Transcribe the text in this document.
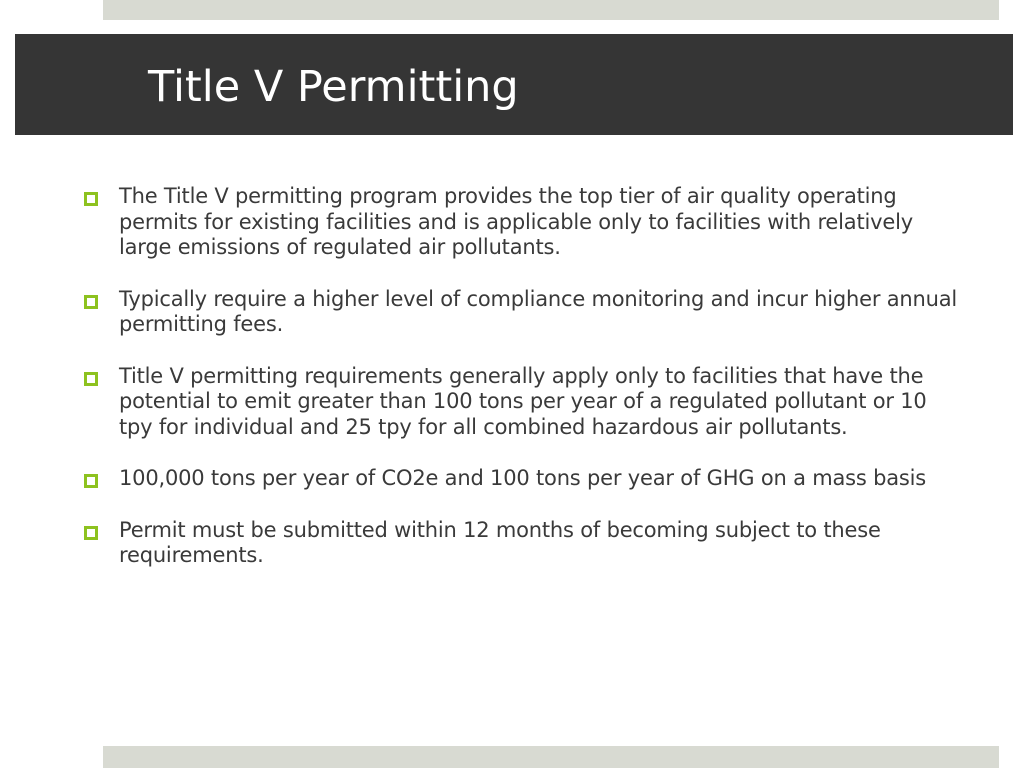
Title V Permitting
The Title V permitting program provides the top tier of air quality operating permits for existing facilities and is applicable only to facilities with relatively large emissions of regulated air pollutants.
Typically require a higher level of compliance monitoring and incur higher annual permitting fees.
Title V permitting requirements generally apply only to facilities that have the potential to emit greater than 100 tons per year of a regulated pollutant or 10 tpy for individual and 25 tpy for all combined hazardous air pollutants.
100,000 tons per year of CO2e and 100 tons per year of GHG on a mass basis
Permit must be submitted within 12 months of becoming subject to these requirements.
